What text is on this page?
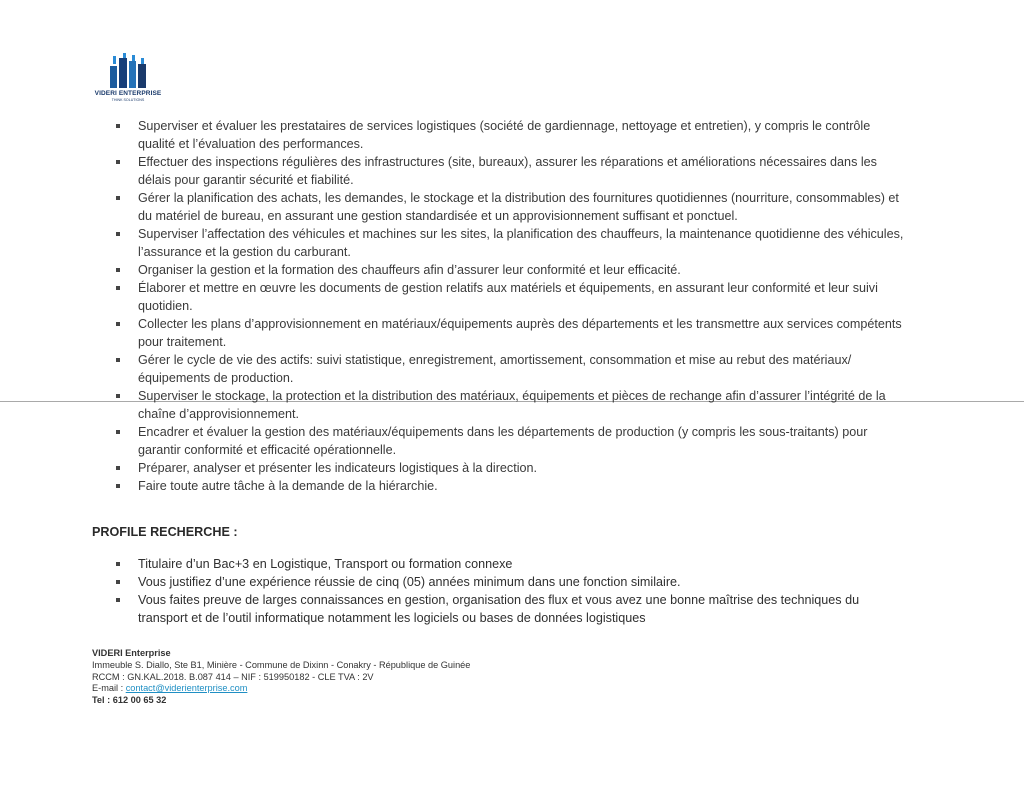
VIDERI ENTERPRISE
THINK SOLUTIONS
Superviser et évaluer les prestataires de services logistiques (société de gardiennage, nettoyage et entretien), y compris le contrôle qualité et l’évaluation des performances.
Effectuer des inspections régulières des infrastructures (site, bureaux), assurer les réparations et améliorations nécessaires dans les délais pour garantir sécurité et fiabilité.
Gérer la planification des achats, les demandes, le stockage et la distribution des fournitures quotidiennes (nourriture, consommables) et du matériel de bureau, en assurant une gestion standardisée et un approvisionnement suffisant et ponctuel.
Superviser l’affectation des véhicules et machines sur les sites, la planification des chauffeurs, la maintenance quotidienne des véhicules, l’assurance et la gestion du carburant.
Organiser la gestion et la formation des chauffeurs afin d’assurer leur conformité et leur efficacité.
Élaborer et mettre en œuvre les documents de gestion relatifs aux matériels et équipements, en assurant leur conformité et leur suivi quotidien.
Collecter les plans d’approvisionnement en matériaux/équipements auprès des départements et les transmettre aux services compétents pour traitement.
Gérer le cycle de vie des actifs: suivi statistique, enregistrement, amortissement, consommation et mise au rebut des matériaux/équipements de production.
Superviser le stockage, la protection et la distribution des matériaux, équipements et pièces de rechange afin d’assurer l’intégrité de la chaîne d’approvisionnement.
Encadrer et évaluer la gestion des matériaux/équipements dans les départements de production (y compris les sous-traitants) pour garantir conformité et efficacité opérationnelle.
Préparer, analyser et présenter les indicateurs logistiques à la direction.
Faire toute autre tâche à la demande de la hiérarchie.
PROFILE RECHERCHE :
Titulaire d’un Bac+3 en Logistique, Transport ou formation connexe
Vous justifiez d’une expérience réussie de cinq (05) années minimum dans une fonction similaire.
Vous faites preuve de larges connaissances en gestion, organisation des flux et vous avez une bonne maîtrise des techniques du transport et de l’outil informatique notamment les logiciels ou bases de données logistiques
VIDERI Enterprise
Immeuble S. Diallo, Ste B1, Minière - Commune de Dixinn - Conakry - République de Guinée
RCCM : GN.KAL.2018. B.087 414 – NIF : 519950182 - CLE TVA : 2V
E-mail : contact@viderienterprise.com
Tel : 612 00 65 32
